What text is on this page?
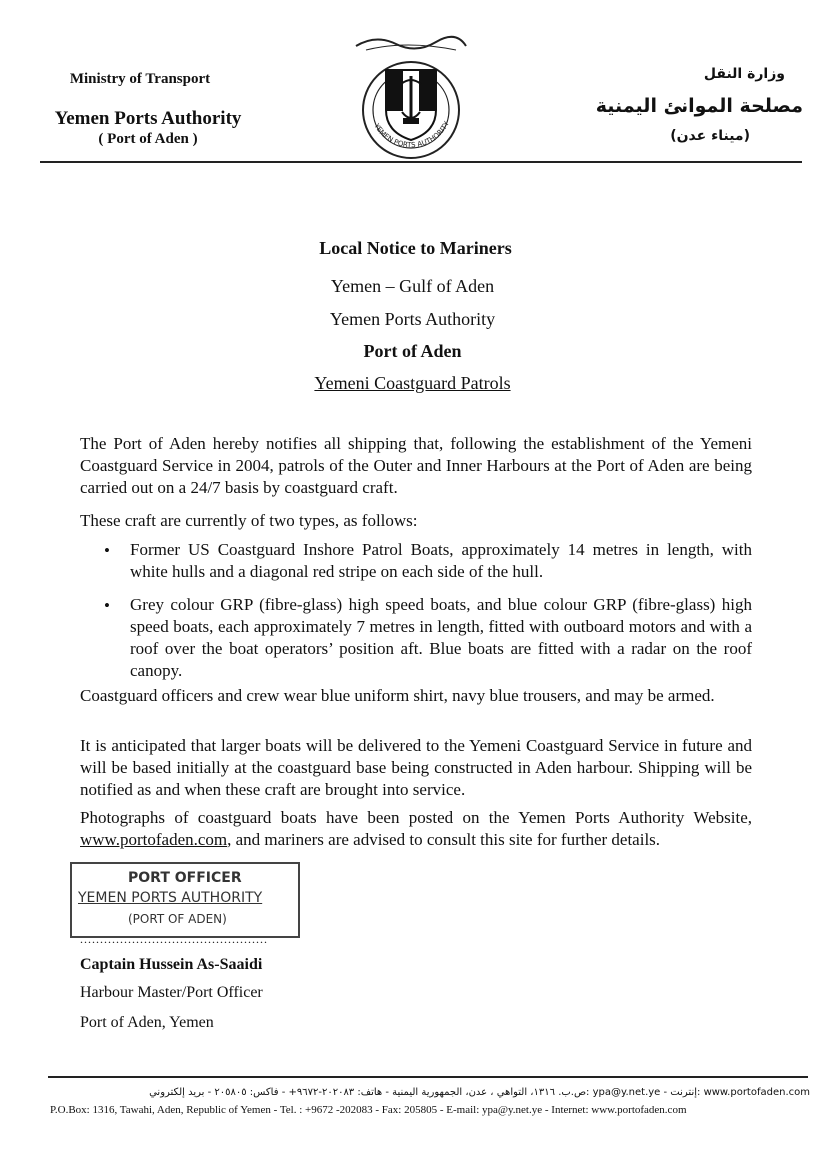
Ministry of Transport
Yemen Ports Authority
( Port of Aden )
وزارة النقل
مصلحة الموانئ اليمنية
(ميناء عدن)
YEMEN PORTS AUTHORITY
Local Notice to Mariners
Yemen – Gulf of Aden
Yemen Ports Authority
Port of Aden
Yemeni Coastguard Patrols
The Port of Aden hereby notifies all shipping that, following the establishment of the Yemeni Coastguard Service in 2004, patrols of the Outer and Inner Harbours at the Port of Aden are being carried out on a 24/7 basis by coastguard craft.
These craft are currently of two types, as follows:
• Former US Coastguard Inshore Patrol Boats, approximately 14 metres in length, with white hulls and a diagonal red stripe on each side of the hull.
• Grey colour GRP (fibre-glass) high speed boats, and blue colour GRP (fibre-glass) high speed boats, each approximately 7 metres in length, fitted with outboard motors and with a roof over the boat operators’ position aft. Blue boats are fitted with a radar on the roof canopy.
Coastguard officers and crew wear blue uniform shirt, navy blue trousers, and may be armed.
It is anticipated that larger boats will be delivered to the Yemeni Coastguard Service in future and will be based initially at the coastguard base being constructed in Aden harbour. Shipping will be notified as and when these craft are brought into service.
Photographs of coastguard boats have been posted on the Yemen Ports Authority Website, www.portofaden.com, and mariners are advised to consult this site for further details.
PORT OFFICER
YEMEN PORTS AUTHORITY
(PORT OF ADEN)
...............................................
Captain Hussein As-Saaidi
Harbour Master/Port Officer
Port of Aden, Yemen
www.portofaden.com :إنترنت - ypa@y.net.ye :ص.ب. ١٣١٦، التواهي ، عدن، الجمهورية اليمنية - هاتف: ٢٠٢٠٨٣-٩٦٧٢+ - فاكس: ٢٠٥٨٠٥ - بريد إلكتروني
P.O.Box: 1316, Tawahi, Aden, Republic of Yemen - Tel. : +9672 -202083 - Fax: 205805 - E-mail: ypa@y.net.ye - Internet: www.portofaden.com
